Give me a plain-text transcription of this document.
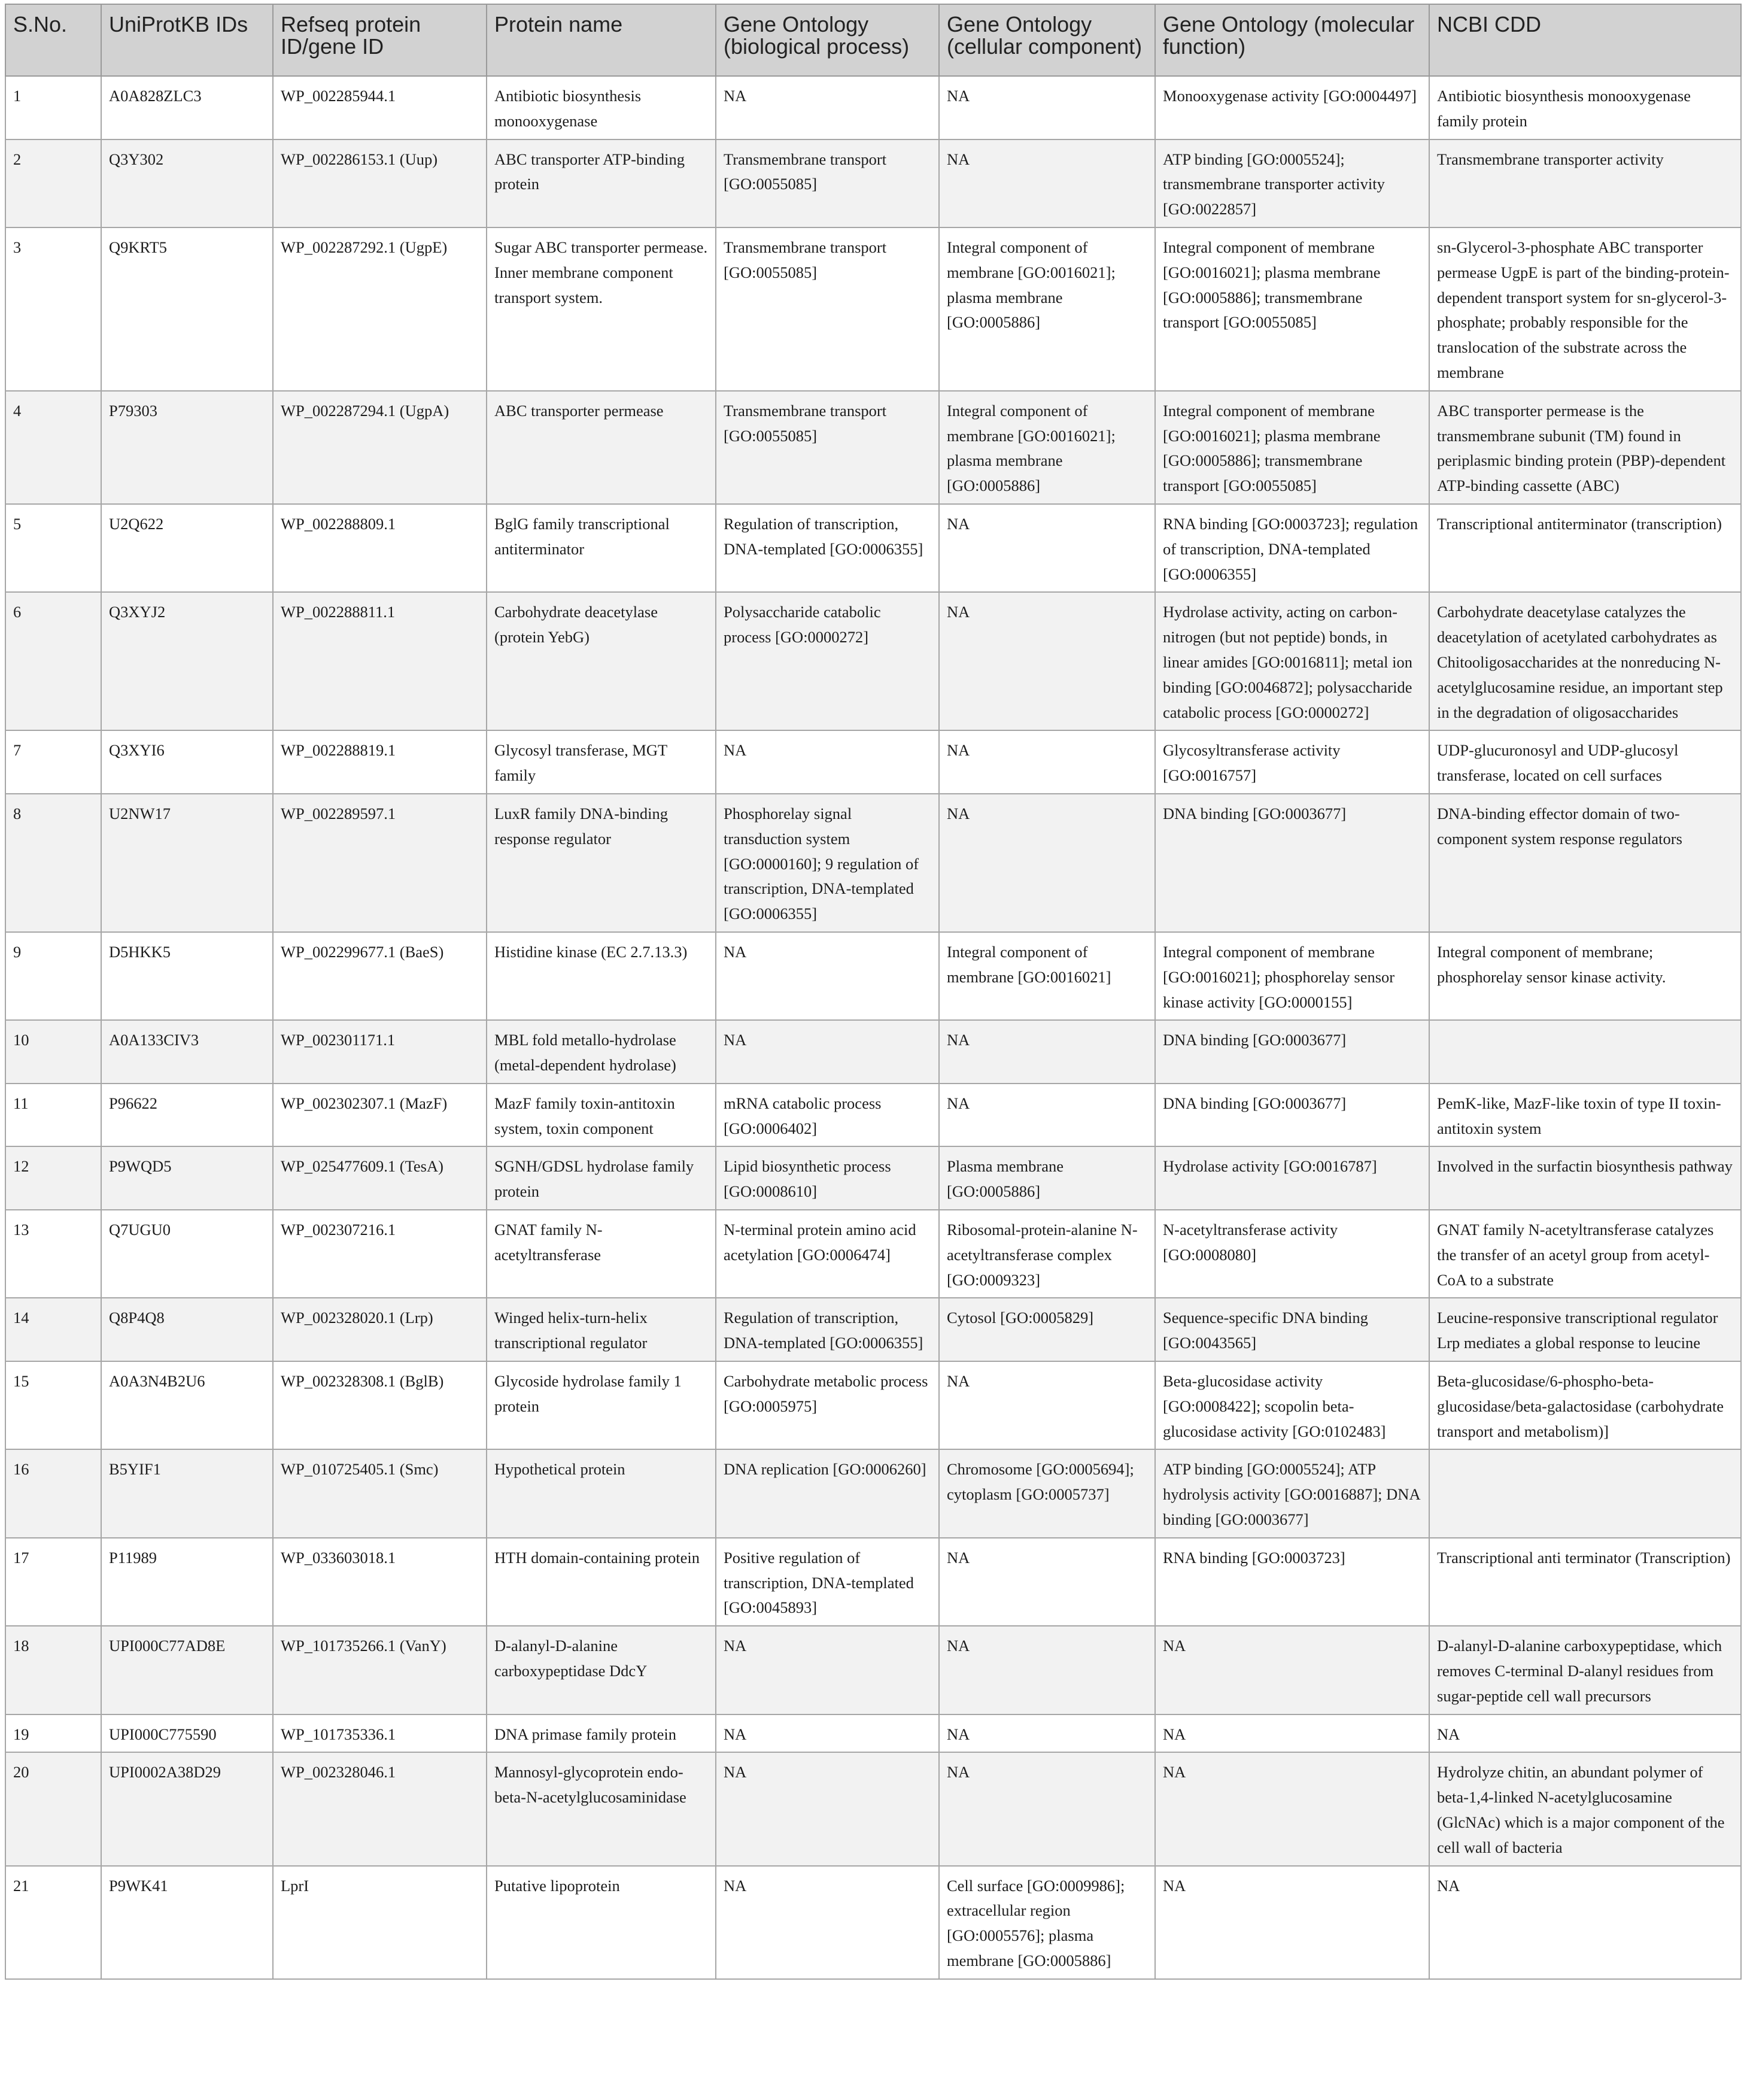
S.No.	UniProtKB IDs	Refseq protein ID/gene ID	Protein name	Gene Ontology (biological process)	Gene Ontology (cellular component)	Gene Ontology (molecular function)	NCBI CDD
1	A0A828ZLC3	WP_002285944.1	Antibiotic biosynthesis monooxygenase	NA	NA	Monooxygenase activity [GO:0004497]	Antibiotic biosynthesis monooxygenase family protein
2	Q3Y302	WP_002286153.1 (Uup)	ABC transporter ATP-binding protein	Transmembrane transport [GO:0055085]	NA	ATP binding [GO:0005524]; transmembrane transporter activity [GO:0022857]	Transmembrane transporter activity
3	Q9KRT5	WP_002287292.1 (UgpE)	Sugar ABC transporter permease. Inner membrane component transport system.	Transmembrane transport [GO:0055085]	Integral component of membrane [GO:0016021]; plasma membrane [GO:0005886]	Integral component of membrane [GO:0016021]; plasma membrane [GO:0005886]; transmembrane transport [GO:0055085]	sn-Glycerol-3-phosphate ABC transporter permease UgpE is part of the binding-protein-dependent transport system for sn-glycerol-3-phosphate; probably responsible for the translocation of the substrate across the membrane
4	P79303	WP_002287294.1 (UgpA)	ABC transporter permease	Transmembrane transport [GO:0055085]	Integral component of membrane [GO:0016021]; plasma membrane [GO:0005886]	Integral component of membrane [GO:0016021]; plasma membrane [GO:0005886]; transmembrane transport [GO:0055085]	ABC transporter permease is the transmembrane subunit (TM) found in periplasmic binding protein (PBP)-dependent ATP-binding cassette (ABC)
5	U2Q622	WP_002288809.1	BglG family transcriptional antiterminator	Regulation of transcription, DNA-templated [GO:0006355]	NA	RNA binding [GO:0003723]; regulation of transcription, DNA-templated [GO:0006355]	Transcriptional antiterminator (transcription)
6	Q3XYJ2	WP_002288811.1	Carbohydrate deacetylase (protein YebG)	Polysaccharide catabolic process [GO:0000272]	NA	Hydrolase activity, acting on carbon-nitrogen (but not peptide) bonds, in linear amides [GO:0016811]; metal ion binding [GO:0046872]; polysaccharide catabolic process [GO:0000272]	Carbohydrate deacetylase catalyzes the deacetylation of acetylated carbohydrates as Chitooligosaccharides at the nonreducing N-acetylglucosamine residue, an important step in the degradation of oligosaccharides
7	Q3XYI6	WP_002288819.1	Glycosyl transferase, MGT family	NA	NA	Glycosyltransferase activity [GO:0016757]	UDP-glucuronosyl and UDP-glucosyl transferase, located on cell surfaces
8	U2NW17	WP_002289597.1	LuxR family DNA-binding response regulator	Phosphorelay signal transduction system [GO:0000160]; 9 regulation of transcription, DNA-templated [GO:0006355]	NA	DNA binding [GO:0003677]	DNA-binding effector domain of two-component system response regulators
9	D5HKK5	WP_002299677.1 (BaeS)	Histidine kinase (EC 2.7.13.3)	NA	Integral component of membrane [GO:0016021]	Integral component of membrane [GO:0016021]; phosphorelay sensor kinase activity [GO:0000155]	Integral component of membrane; phosphorelay sensor kinase activity.
10	A0A133CIV3	WP_002301171.1	MBL fold metallo-hydrolase (metal-dependent hydrolase)	NA	NA	DNA binding [GO:0003677]	
11	P96622	WP_002302307.1 (MazF)	MazF family toxin-antitoxin system, toxin component	mRNA catabolic process [GO:0006402]	NA	DNA binding [GO:0003677]	PemK-like, MazF-like toxin of type II toxin-antitoxin system
12	P9WQD5	WP_025477609.1 (TesA)	SGNH/GDSL hydrolase family protein	Lipid biosynthetic process [GO:0008610]	Plasma membrane [GO:0005886]	Hydrolase activity [GO:0016787]	Involved in the surfactin biosynthesis pathway
13	Q7UGU0	WP_002307216.1	GNAT family N-acetyltransferase	N-terminal protein amino acid acetylation [GO:0006474]	Ribosomal-protein-alanine N-acetyltransferase complex [GO:0009323]	N-acetyltransferase activity [GO:0008080]	GNAT family N-acetyltransferase catalyzes the transfer of an acetyl group from acetyl-CoA to a substrate
14	Q8P4Q8	WP_002328020.1 (Lrp)	Winged helix-turn-helix transcriptional regulator	Regulation of transcription, DNA-templated [GO:0006355]	Cytosol [GO:0005829]	Sequence-specific DNA binding [GO:0043565]	Leucine-responsive transcriptional regulator Lrp mediates a global response to leucine
15	A0A3N4B2U6	WP_002328308.1 (BglB)	Glycoside hydrolase family 1 protein	Carbohydrate metabolic process [GO:0005975]	NA	Beta-glucosidase activity [GO:0008422]; scopolin beta-glucosidase activity [GO:0102483]	Beta-glucosidase/6-phospho-beta-glucosidase/beta-galactosidase (carbohydrate transport and metabolism)]
16	B5YIF1	WP_010725405.1 (Smc)	Hypothetical protein	DNA replication [GO:0006260]	Chromosome [GO:0005694]; cytoplasm [GO:0005737]	ATP binding [GO:0005524]; ATP hydrolysis activity [GO:0016887]; DNA binding [GO:0003677]	
17	P11989	WP_033603018.1	HTH domain-containing protein	Positive regulation of transcription, DNA-templated [GO:0045893]	NA	RNA binding [GO:0003723]	Transcriptional anti terminator (Transcription)
18	UPI000C77AD8E	WP_101735266.1 (VanY)	D-alanyl-D-alanine carboxypeptidase DdcY	NA	NA	NA	D-alanyl-D-alanine carboxypeptidase, which removes C-terminal D-alanyl residues from sugar-peptide cell wall precursors
19	UPI000C775590	WP_101735336.1	DNA primase family protein	NA	NA	NA	NA
20	UPI0002A38D29	WP_002328046.1	Mannosyl-glycoprotein endo-beta-N-acetylglucosaminidase	NA	NA	NA	Hydrolyze chitin, an abundant polymer of beta-1,4-linked N-acetylglucosamine (GlcNAc) which is a major component of the cell wall of bacteria
21	P9WK41	LprI	Putative lipoprotein	NA	Cell surface [GO:0009986]; extracellular region [GO:0005576]; plasma membrane [GO:0005886]	NA	NA
